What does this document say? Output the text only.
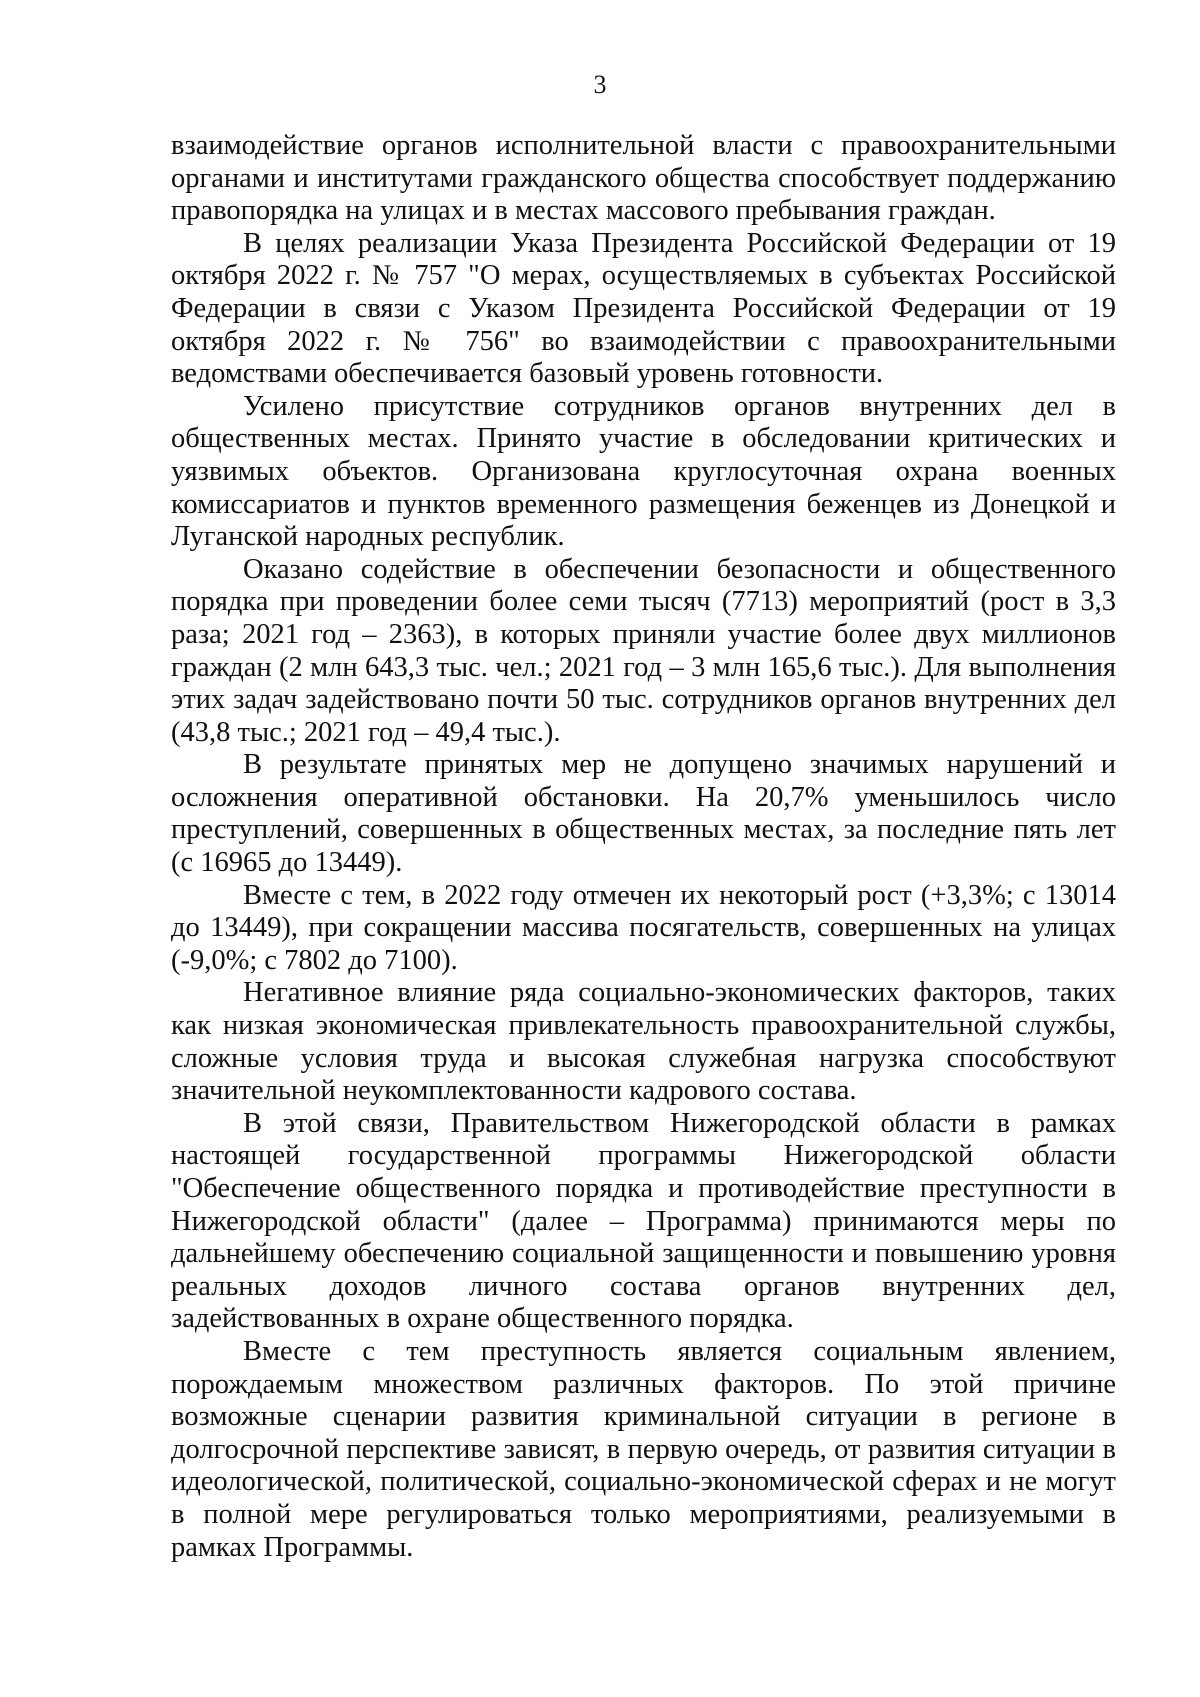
3

взаимодействие органов исполнительной власти с правоохранительными органами и институтами гражданского общества способствует поддержанию правопорядка на улицах и в местах массового пребывания граждан.

В целях реализации Указа Президента Российской Федерации от 19 октября 2022 г. № 757 "О мерах, осуществляемых в субъектах Российской Федерации в связи с Указом Президента Российской Федерации от 19 октября 2022 г. № 756" во взаимодействии с правоохранительными ведомствами обеспечивается базовый уровень готовности.

Усилено присутствие сотрудников органов внутренних дел в общественных местах. Принято участие в обследовании критических и уязвимых объектов. Организована круглосуточная охрана военных комиссариатов и пунктов временного размещения беженцев из Донецкой и Луганской народных республик.

Оказано содействие в обеспечении безопасности и общественного порядка при проведении более семи тысяч (7713) мероприятий (рост в 3,3 раза; 2021 год – 2363), в которых приняли участие более двух миллионов граждан (2 млн 643,3 тыс. чел.; 2021 год – 3 млн 165,6 тыс.). Для выполнения этих задач задействовано почти 50 тыс. сотрудников органов внутренних дел (43,8 тыс.; 2021 год – 49,4 тыс.).

В результате принятых мер не допущено значимых нарушений и осложнения оперативной обстановки. На 20,7% уменьшилось число преступлений, совершенных в общественных местах, за последние пять лет (с 16965 до 13449).

Вместе с тем, в 2022 году отмечен их некоторый рост (+3,3%; с 13014 до 13449), при сокращении массива посягательств, совершенных на улицах (-9,0%; с 7802 до 7100).

Негативное влияние ряда социально-экономических факторов, таких как низкая экономическая привлекательность правоохранительной службы, сложные условия труда и высокая служебная нагрузка способствуют значительной неукомплектованности кадрового состава.

В этой связи, Правительством Нижегородской области в рамках настоящей государственной программы Нижегородской области "Обеспечение общественного порядка и противодействие преступности в Нижегородской области" (далее – Программа) принимаются меры по дальнейшему обеспечению социальной защищенности и повышению уровня реальных доходов личного состава органов внутренних дел, задействованных в охране общественного порядка.

Вместе с тем преступность является социальным явлением, порождаемым множеством различных факторов. По этой причине возможные сценарии развития криминальной ситуации в регионе в долгосрочной перспективе зависят, в первую очередь, от развития ситуации в идеологической, политической, социально-экономической сферах и не могут в полной мере регулироваться только мероприятиями, реализуемыми в рамках Программы.
